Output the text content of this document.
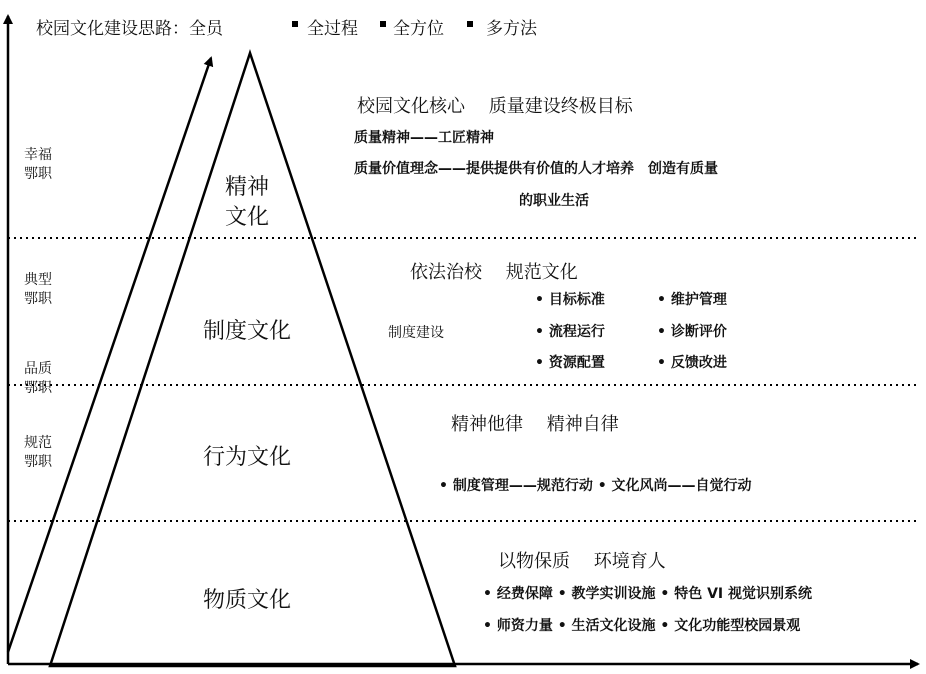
校园文化建设思路：全员	全过程 全方位 多方法
幸福
鄂职
典型
鄂职
品质
鄂职
规范
鄂职
精神
文化
制度文化
行为文化
物质文化
校园文化核心　 质量建设终极目标
质量精神——工匠精神
质量价值理念——提供提供有价值的人才培养　创造有质量
的职业生活
依法治校　 规范文化
制度建设
• 目标标准	• 维护管理
• 流程运行	• 诊断评价
• 资源配置	• 反馈改进
精神他律　 精神自律
• 制度管理——规范行动 • 文化风尚——自觉行动
以物保质　 环境育人
• 经费保障 • 教学实训设施 • 特色 VI 视觉识别系统
• 师资力量 • 生活文化设施 • 文化功能型校园景观
